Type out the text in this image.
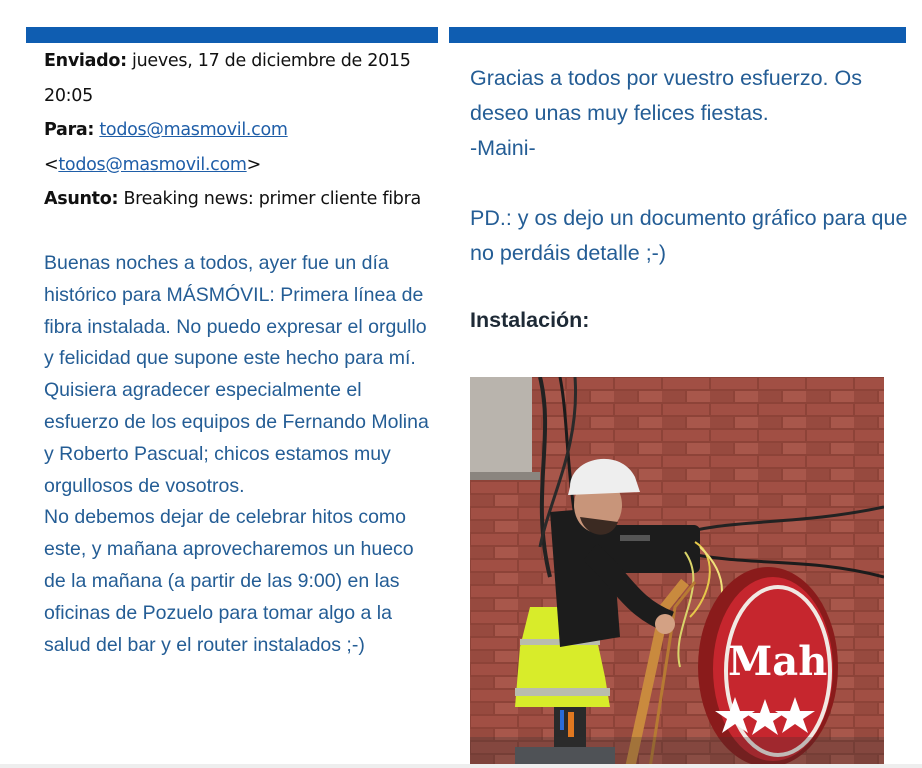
Enviado: jueves, 17 de diciembre de 2015
20:05
Para: todos@masmovil.com
<todos@masmovil.com>
Asunto: Breaking news: primer cliente fibra

Buenas noches a todos, ayer fue un día histórico para MÁSMÓVIL: Primera línea de fibra instalada. No puedo expresar el orgullo y felicidad que supone este hecho para mí. Quisiera agradecer especialmente el esfuerzo de los equipos de Fernando Molina y Roberto Pascual; chicos estamos muy orgullosos de vosotros.

No debemos dejar de celebrar hitos como este, y mañana aprovecharemos un hueco de la mañana (a partir de las 9:00) en las oficinas de Pozuelo para tomar algo a la salud del bar y el router instalados ;-)

Gracias a todos por vuestro esfuerzo. Os deseo unas muy felices fiestas.

-Maini-

PD.: y os dejo un documento gráfico para que no perdáis detalle ;-)

Instalación:
Mah
